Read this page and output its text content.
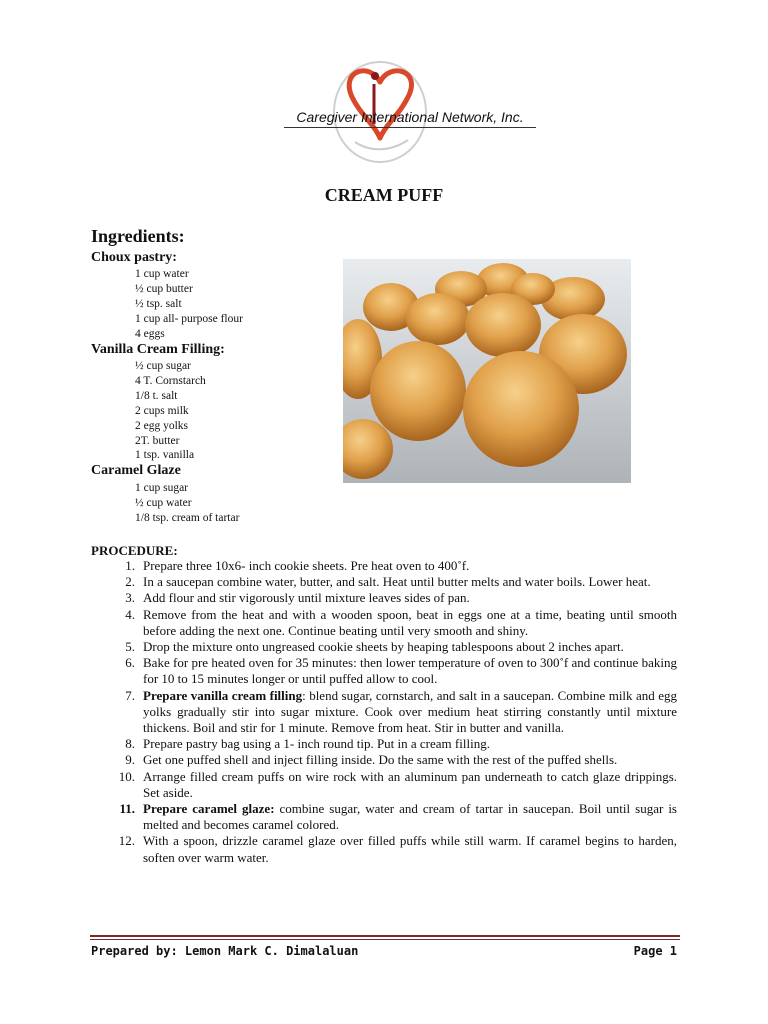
Caregiver International Network, Inc.
CREAM PUFF
Ingredients:
Choux pastry:
1 cup water
½ cup butter
½ tsp. salt
1 cup all- purpose flour
4 eggs
Vanilla Cream Filling:
½ cup sugar
4 T. Cornstarch
1/8 t. salt
2 cups milk
2 egg yolks
2T. butter
1 tsp. vanilla
Caramel Glaze
1 cup sugar
½ cup water
1/8 tsp. cream of tartar
PROCEDURE:
1. Prepare three 10x6- inch cookie sheets. Pre heat oven to 400˚f.
2. In a saucepan combine water, butter, and salt. Heat until butter melts and water boils. Lower heat.
3. Add flour and stir vigorously until mixture leaves sides of pan.
4. Remove from the heat and with a wooden spoon, beat in eggs one at a time, beating until smooth before adding the next one. Continue beating until very smooth and shiny.
5. Drop the mixture onto ungreased cookie sheets by heaping tablespoons about 2 inches apart.
6. Bake for pre heated oven for 35 minutes: then lower temperature of oven to 300˚f and continue baking for 10 to 15 minutes longer or until puffed allow to cool.
7. Prepare vanilla cream filling: blend sugar, cornstarch, and salt in a saucepan. Combine milk and egg yolks gradually stir into sugar mixture. Cook over medium heat stirring constantly until mixture thickens. Boil and stir for 1 minute. Remove from heat. Stir in butter and vanilla.
8. Prepare pastry bag using a 1- inch round tip. Put in a cream filling.
9. Get one puffed shell and inject filling inside. Do the same with the rest of the puffed shells.
10. Arrange filled cream puffs on wire rock with an aluminum pan underneath to catch glaze drippings. Set aside.
11. Prepare caramel glaze: combine sugar, water and cream of tartar in saucepan. Boil until sugar is melted and becomes caramel colored.
12. With a spoon, drizzle caramel glaze over filled puffs while still warm. If caramel begins to harden, soften over warm water.
Prepared by: Lemon Mark C. Dimalaluan	Page 1
